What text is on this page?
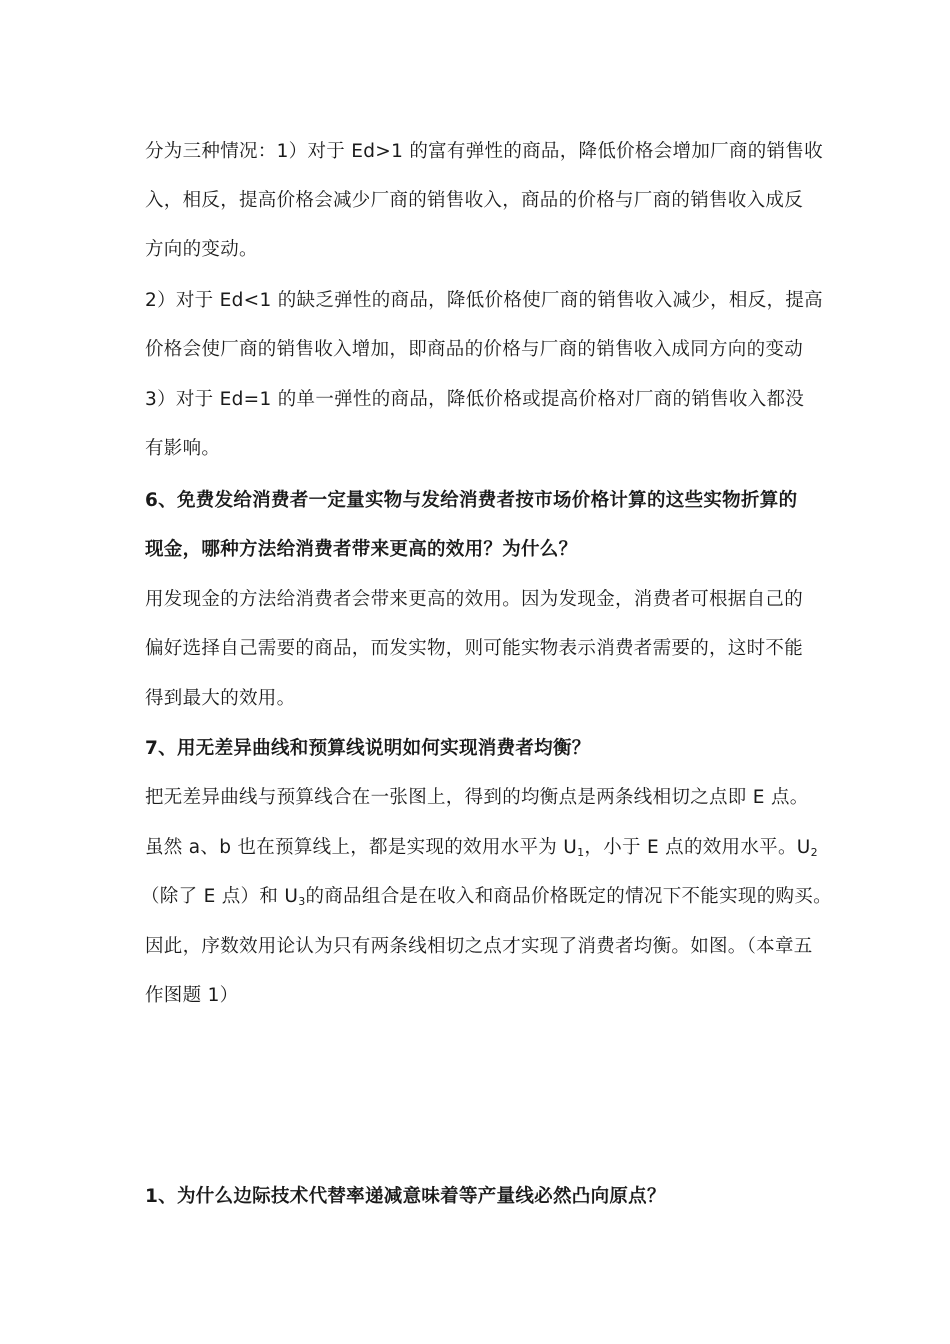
分为三种情况：1）对于 Ed>1 的富有弹性的商品，降低价格会增加厂商的销售收
入，相反，提高价格会减少厂商的销售收入，商品的价格与厂商的销售收入成反
方向的变动。
2）对于 Ed<1 的缺乏弹性的商品，降低价格使厂商的销售收入减少，相反，提高
价格会使厂商的销售收入增加，即商品的价格与厂商的销售收入成同方向的变动
3）对于 Ed=1 的单一弹性的商品，降低价格或提高价格对厂商的销售收入都没
有影响。
6、免费发给消费者一定量实物与发给消费者按市场价格计算的这些实物折算的
现金，哪种方法给消费者带来更高的效用？为什么？
用发现金的方法给消费者会带来更高的效用。因为发现金，消费者可根据自己的
偏好选择自己需要的商品，而发实物，则可能实物表示消费者需要的，这时不能
得到最大的效用。
7、用无差异曲线和预算线说明如何实现消费者均衡？
把无差异曲线与预算线合在一张图上，得到的均衡点是两条线相切之点即 E 点。
虽然 a、b 也在预算线上，都是实现的效用水平为 $U_1$，小于 E 点的效用水平。$U_2$
（除了 E 点）和 $U_3$的商品组合是在收入和商品价格既定的情况下不能实现的购买。
因此，序数效用论认为只有两条线相切之点才实现了消费者均衡。如图。（本章五
作图题 1）
1、为什么边际技术代替率递减意味着等产量线必然凸向原点？
